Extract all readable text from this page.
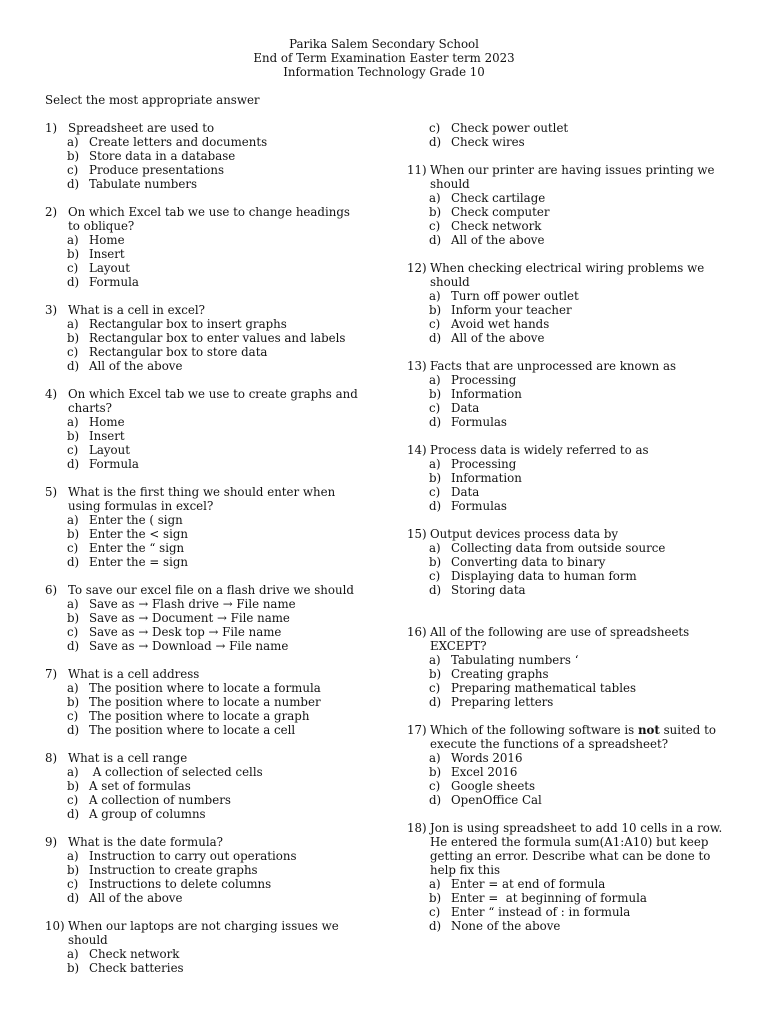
Parika Salem Secondary School
End of Term Examination Easter term 2023
Information Technology Grade 10
Select the most appropriate answer
1) Spreadsheet are used to
a) Create letters and documents
b) Store data in a database
c) Produce presentations
d) Tabulate numbers
2) On which Excel tab we use to change headings to oblique?
a) Home
b) Insert
c) Layout
d) Formula
3) What is a cell in excel?
a) Rectangular box to insert graphs
b) Rectangular box to enter values and labels
c) Rectangular box to store data
d) All of the above
4) On which Excel tab we use to create graphs and charts?
a) Home
b) Insert
c) Layout
d) Formula
5) What is the first thing we should enter when using formulas in excel?
a) Enter the ( sign
b) Enter the < sign
c) Enter the “ sign
d) Enter the = sign
6) To save our excel file on a flash drive we should
a) Save as → Flash drive → File name
b) Save as → Document → File name
c) Save as → Desk top → File name
d) Save as → Download → File name
7) What is a cell address
a) The position where to locate a formula
b) The position where to locate a number
c) The position where to locate a graph
d) The position where to locate a cell
8) What is a cell range
a) A collection of selected cells
b) A set of formulas
c) A collection of numbers
d) A group of columns
9) What is the date formula?
a) Instruction to carry out operations
b) Instruction to create graphs
c) Instructions to delete columns
d) All of the above
10) When our laptops are not charging issues we should
a) Check network
b) Check batteries
c) Check power outlet
d) Check wires
11) When our printer are having issues printing we should
a) Check cartilage
b) Check computer
c) Check network
d) All of the above
12) When checking electrical wiring problems we should
a) Turn off power outlet
b) Inform your teacher
c) Avoid wet hands
d) All of the above
13) Facts that are unprocessed are known as
a) Processing
b) Information
c) Data
d) Formulas
14) Process data is widely referred to as
a) Processing
b) Information
c) Data
d) Formulas
15) Output devices process data by
a) Collecting data from outside source
b) Converting data to binary
c) Displaying data to human form
d) Storing data
16) All of the following are use of spreadsheets EXCEPT?
a) Tabulating numbers ‘
b) Creating graphs
c) Preparing mathematical tables
d) Preparing letters
17) Which of the following software is not suited to execute the functions of a spreadsheet?
a) Words 2016
b) Excel 2016
c) Google sheets
d) OpenOffice Cal
18) Jon is using spreadsheet to add 10 cells in a row. He entered the formula sum(A1:A10) but keep getting an error. Describe what can be done to help fix this
a) Enter = at end of formula
b) Enter =  at beginning of formula
c) Enter “ instead of : in formula
d) None of the above
